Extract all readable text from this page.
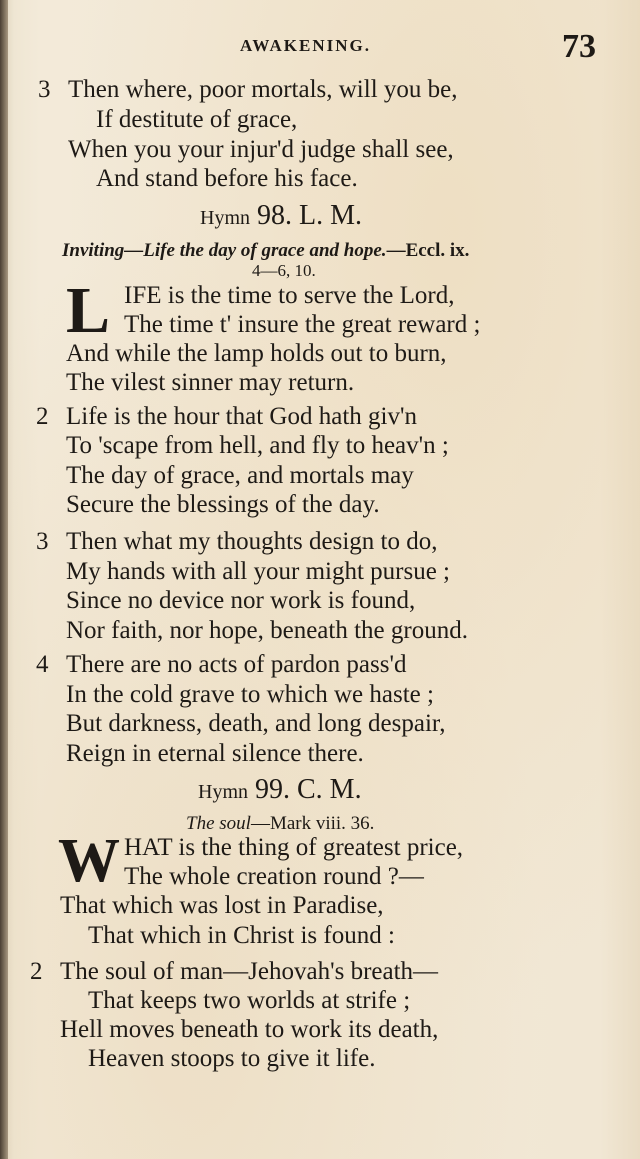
AWAKENING.	73
3 Then where, poor mortals, will you be,
If destitute of grace,
When you your injur'd judge shall see,
And stand before his face.
Hymn 98. L. M.
Inviting—Life the day of grace and hope.—Eccl. ix.
4—6, 10.
L IFE is the time to serve the Lord,
The time t' insure the great reward ;
And while the lamp holds out to burn,
The vilest sinner may return.
2 Life is the hour that God hath giv'n
To 'scape from hell, and fly to heav'n ;
The day of grace, and mortals may
Secure the blessings of the day.
3 Then what my thoughts design to do,
My hands with all your might pursue ;
Since no device nor work is found,
Nor faith, nor hope, beneath the ground.
4 There are no acts of pardon pass'd
In the cold grave to which we haste ;
But darkness, death, and long despair,
Reign in eternal silence there.
Hymn 99. C. M.
The soul—Mark viii. 36.
W HAT is the thing of greatest price,
The whole creation round ?—
That which was lost in Paradise,
That which in Christ is found :
2 The soul of man—Jehovah's breath—
That keeps two worlds at strife ;
Hell moves beneath to work its death,
Heaven stoops to give it life.
